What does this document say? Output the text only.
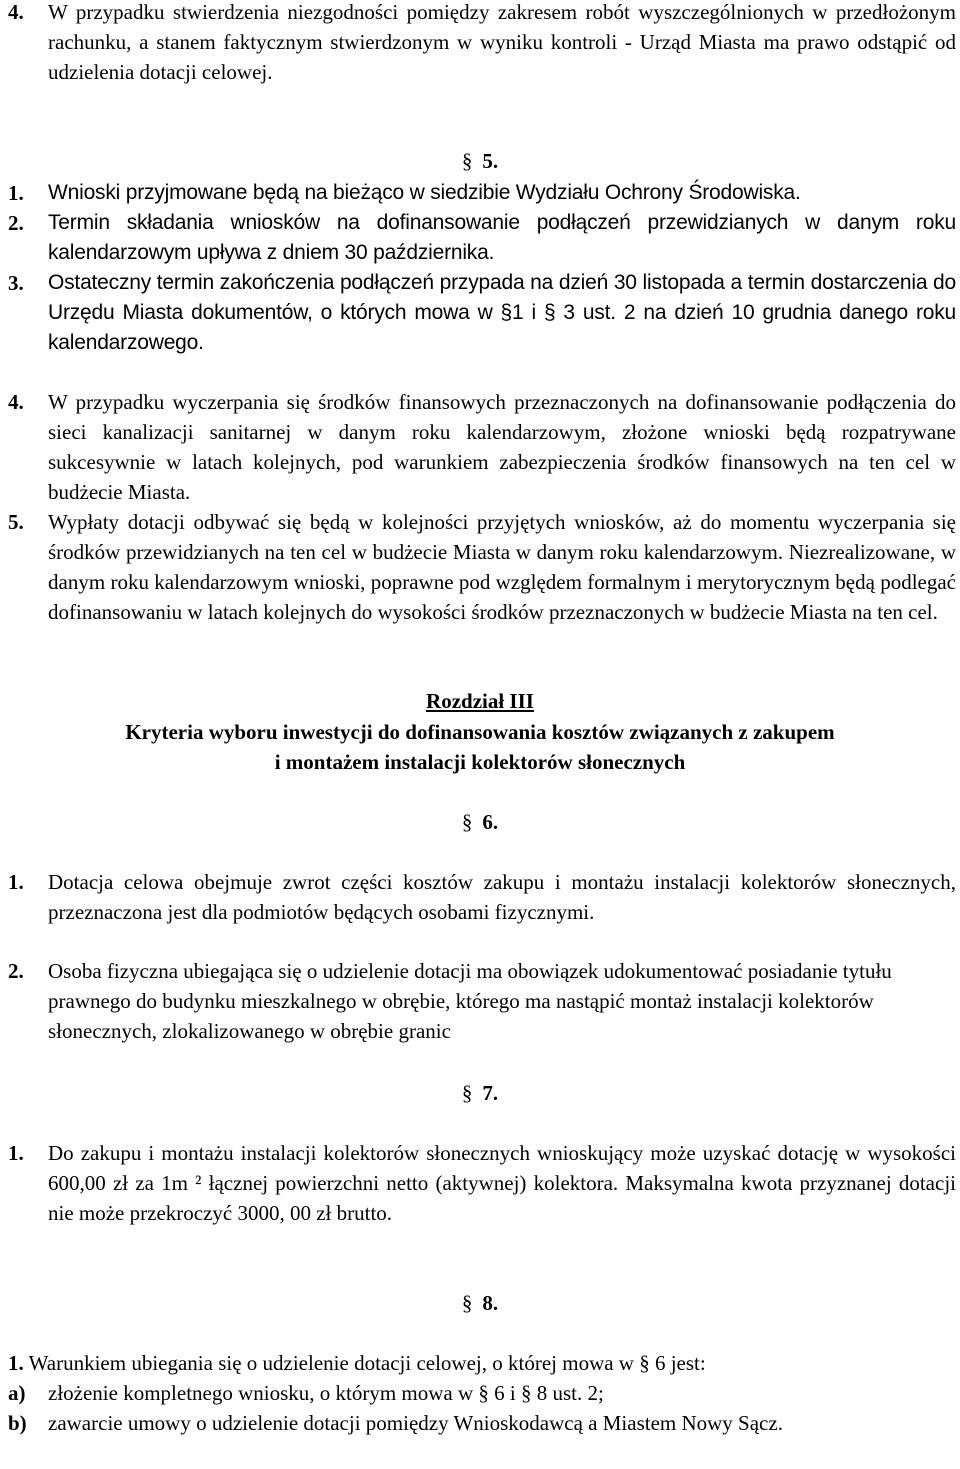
4. W przypadku stwierdzenia niezgodności pomiędzy zakresem robót wyszczególnionych w przedłożonym rachunku, a stanem faktycznym stwierdzonym w wyniku kontroli - Urząd Miasta ma prawo odstąpić od udzielenia dotacji celowej.
§ 5.
1. Wnioski przyjmowane będą na bieżąco w siedzibie Wydziału Ochrony Środowiska.
2. Termin składania wniosków na dofinansowanie podłączeń przewidzianych w danym roku kalendarzowym upływa z dniem 30 października.
3. Ostateczny termin zakończenia podłączeń przypada na dzień 30 listopada a termin dostarczenia do Urzędu Miasta dokumentów, o których mowa w §1 i § 3 ust. 2 na dzień 10 grudnia danego roku kalendarzowego.
4. W przypadku wyczerpania się środków finansowych przeznaczonych na dofinansowanie podłączenia do sieci kanalizacji sanitarnej w danym roku kalendarzowym, złożone wnioski będą rozpatrywane sukcesywnie w latach kolejnych, pod warunkiem zabezpieczenia środków finansowych na ten cel w budżecie Miasta.
5. Wypłaty dotacji odbywać się będą w kolejności przyjętych wniosków, aż do momentu wyczerpania się środków przewidzianych na ten cel w budżecie Miasta w danym roku kalendarzowym. Niezrealizowane, w danym roku kalendarzowym wnioski, poprawne pod względem formalnym i merytorycznym będą podlegać dofinansowaniu w latach kolejnych do wysokości środków przeznaczonych w budżecie Miasta na ten cel.
Rozdział III
Kryteria wyboru inwestycji do dofinansowania kosztów związanych z zakupem
i montażem instalacji kolektorów słonecznych
§ 6.
1. Dotacja celowa obejmuje zwrot części kosztów zakupu i montażu instalacji kolektorów słonecznych, przeznaczona jest dla podmiotów będących osobami fizycznymi.
2. Osoba fizyczna ubiegająca się o udzielenie dotacji ma obowiązek udokumentować posiadanie tytułu prawnego do budynku mieszkalnego w obrębie, którego ma nastąpić montaż instalacji kolektorów słonecznych, zlokalizowanego w obrębie granic
§ 7.
1. Do zakupu i montażu instalacji kolektorów słonecznych wnioskujący może uzyskać dotację w wysokości 600,00 zł za 1m ² łącznej powierzchni netto (aktywnej) kolektora. Maksymalna kwota przyznanej dotacji nie może przekroczyć 3000, 00 zł brutto.
§ 8.
1. Warunkiem ubiegania się o udzielenie dotacji celowej, o której mowa w § 6 jest:
a) złożenie kompletnego wniosku, o którym mowa w § 6 i § 8 ust. 2;
b) zawarcie umowy o udzielenie dotacji pomiędzy Wnioskodawcą a Miastem Nowy Sącz.
